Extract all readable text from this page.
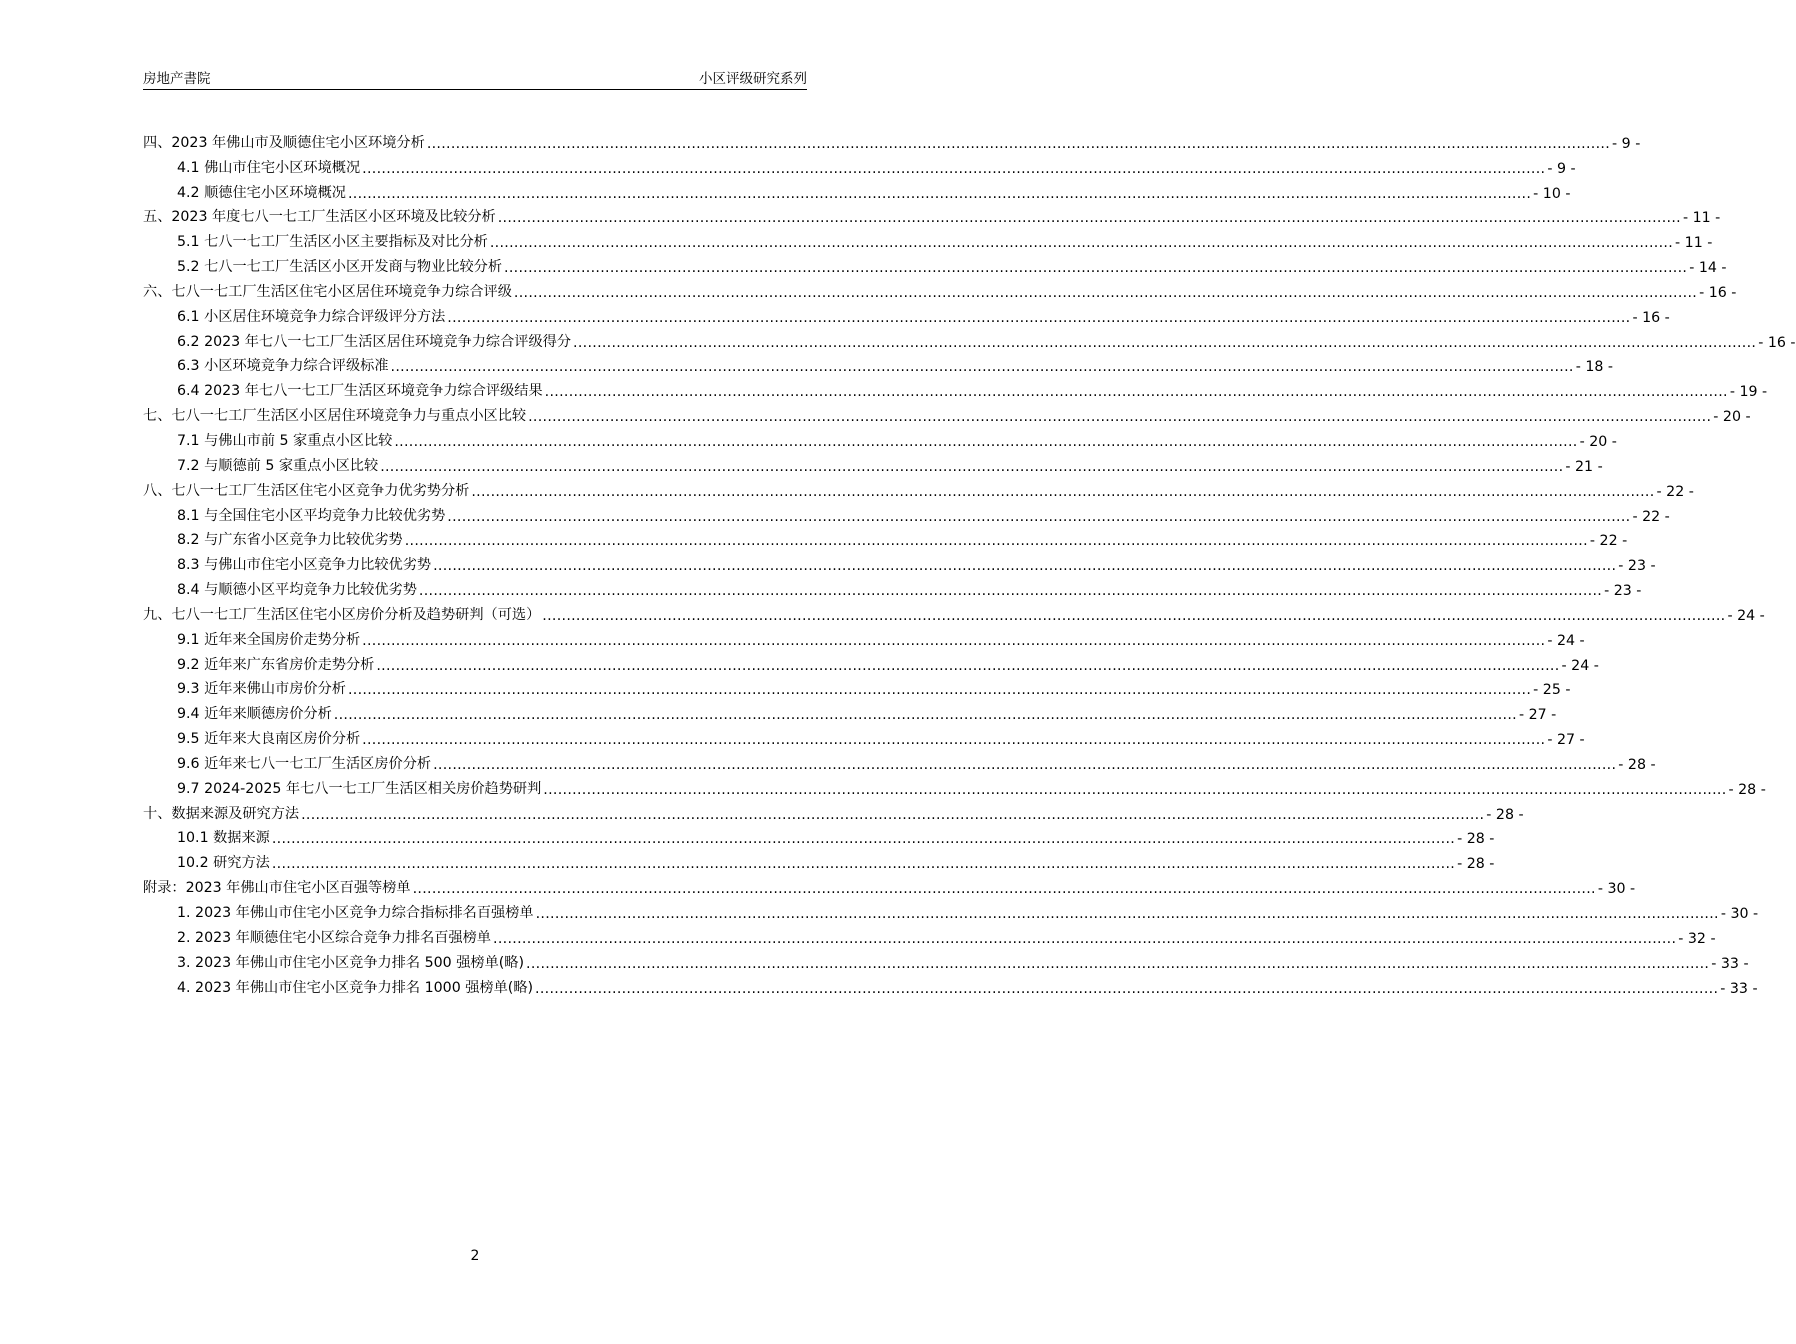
房地产書院	小区评级研究系列
四、2023 年佛山市及顺德住宅小区环境分析 .....	- 9 -
4.1 佛山市住宅小区环境概况 .....	- 9 -
4.2 顺德住宅小区环境概况 .....	- 10 -
五、2023 年度七八一七工厂生活区小区环境及比较分析 .....	- 11 -
5.1 七八一七工厂生活区小区主要指标及对比分析 .....	- 11 -
5.2 七八一七工厂生活区小区开发商与物业比较分析 .....	- 14 -
六、七八一七工厂生活区住宅小区居住环境竞争力综合评级 .....	- 16 -
6.1 小区居住环境竞争力综合评级评分方法 .....	- 16 -
6.2 2023 年七八一七工厂生活区居住环境竞争力综合评级得分 .....	- 16 -
6.3 小区环境竞争力综合评级标准 .....	- 18 -
6.4 2023 年七八一七工厂生活区环境竞争力综合评级结果 .....	- 19 -
七、七八一七工厂生活区小区居住环境竞争力与重点小区比较 .....	- 20 -
7.1 与佛山市前 5 家重点小区比较 .....	- 20 -
7.2 与顺德前 5 家重点小区比较 .....	- 21 -
八、七八一七工厂生活区住宅小区竞争力优劣势分析 .....	- 22 -
8.1 与全国住宅小区平均竞争力比较优劣势 .....	- 22 -
8.2 与广东省小区竞争力比较优劣势 .....	- 22 -
8.3 与佛山市住宅小区竞争力比较优劣势 .....	- 23 -
8.4 与顺德小区平均竞争力比较优劣势 .....	- 23 -
九、七八一七工厂生活区住宅小区房价分析及趋势研判（可选） .....	- 24 -
9.1 近年来全国房价走势分析 .....	- 24 -
9.2 近年来广东省房价走势分析 .....	- 24 -
9.3 近年来佛山市房价分析 .....	- 25 -
9.4 近年来顺德房价分析 .....	- 27 -
9.5 近年来大良南区房价分析 .....	- 27 -
9.6 近年来七八一七工厂生活区房价分析 .....	- 28 -
9.7 2024-2025 年七八一七工厂生活区相关房价趋势研判 .....	- 28 -
十、数据来源及研究方法 .....	- 28 -
10.1 数据来源 .....	- 28 -
10.2 研究方法 .....	- 28 -
附录：2023 年佛山市住宅小区百强等榜单 .....	- 30 -
1. 2023 年佛山市住宅小区竞争力综合指标排名百强榜单 .....	- 30 -
2. 2023 年顺德住宅小区综合竞争力排名百强榜单 .....	- 32 -
3. 2023 年佛山市住宅小区竞争力排名 500 强榜单(略) .....	- 33 -
4. 2023 年佛山市住宅小区竞争力排名 1000 强榜单(略) .....	- 33 -
2
